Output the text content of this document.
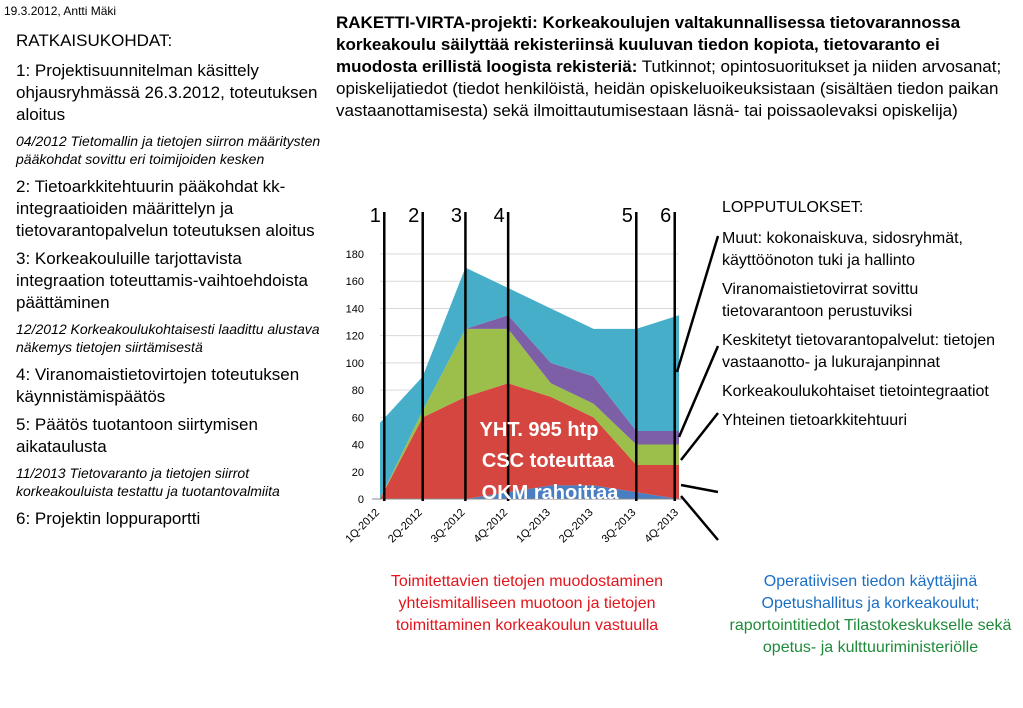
19.3.2012, Antti Mäki
RATKAISUKOHDAT:
1: Projektisuunnitelman käsittely ohjausryhmässä 26.3.2012, toteutuksen aloitus
04/2012 Tietomallin ja tietojen siirron määritysten pääkohdat sovittu eri toimijoiden kesken
2: Tietoarkkitehtuurin pääkohdat kk-integraatioiden määrittelyn ja tietovarantopalvelun toteutuksen aloitus
3: Korkeakouluille tarjottavista integraation toteuttamis-vaihtoehdoista päättäminen
12/2012 Korkeakoulukohtaisesti laadittu alustava näkemys tietojen siirtämisestä
4: Viranomaistietovirtojen toteutuksen käynnistämispäätös
5: Päätös tuotantoon siirtymisen aikataulusta
11/2013 Tietovaranto ja tietojen siirrot korkeakouluista testattu ja tuotantovalmiita
6: Projektin loppuraportti
RAKETTI-VIRTA-projekti: Korkeakoulujen valtakunnallisessa tietovarannossa korkeakoulu säilyttää rekisteriinsä kuuluvan tiedon kopiota, tietovaranto ei muodosta erillistä loogista rekisteriä: Tutkinnot; opintosuoritukset ja niiden arvosanat; opiskelijatiedot (tiedot henkilöistä, heidän opiskeluoikeuksistaan (sisältäen tiedon paikan vastaanottamisesta) sekä ilmoittautumisestaan läsnä- tai poissaolevaksi opiskelija)
LOPPUTULOKSET:
Muut: kokonaiskuva, sidosryhmät, käyttöönoton tuki ja hallinto
Viranomaistietovirrat sovittu tietovarantoon perustuviksi
Keskitetyt tietovarantopalvelut: tietojen vastaanotto- ja lukurajanpinnat
Korkeakoulukohtaiset tietointegraatiot
Yhteinen tietoarkkitehtuuri
0
20
40
60
80
100
120
140
160
180
1Q-2012 2Q-2012 3Q-2012 4Q-2012 1Q-2013 2Q-2013 3Q-2013 4Q-2013
1 2 3 4	5 6
YHT. 995 htp
CSC toteuttaa
OKM rahoittaa
Toimitettavien tietojen muodostaminen yhteismitalliseen muotoon ja tietojen toimittaminen korkeakoulun vastuulla
Operatiivisen tiedon käyttäjinä Opetushallitus ja korkeakoulut;
raportointitiedot Tilastokeskukselle sekä opetus- ja kulttuuriministeriölle
